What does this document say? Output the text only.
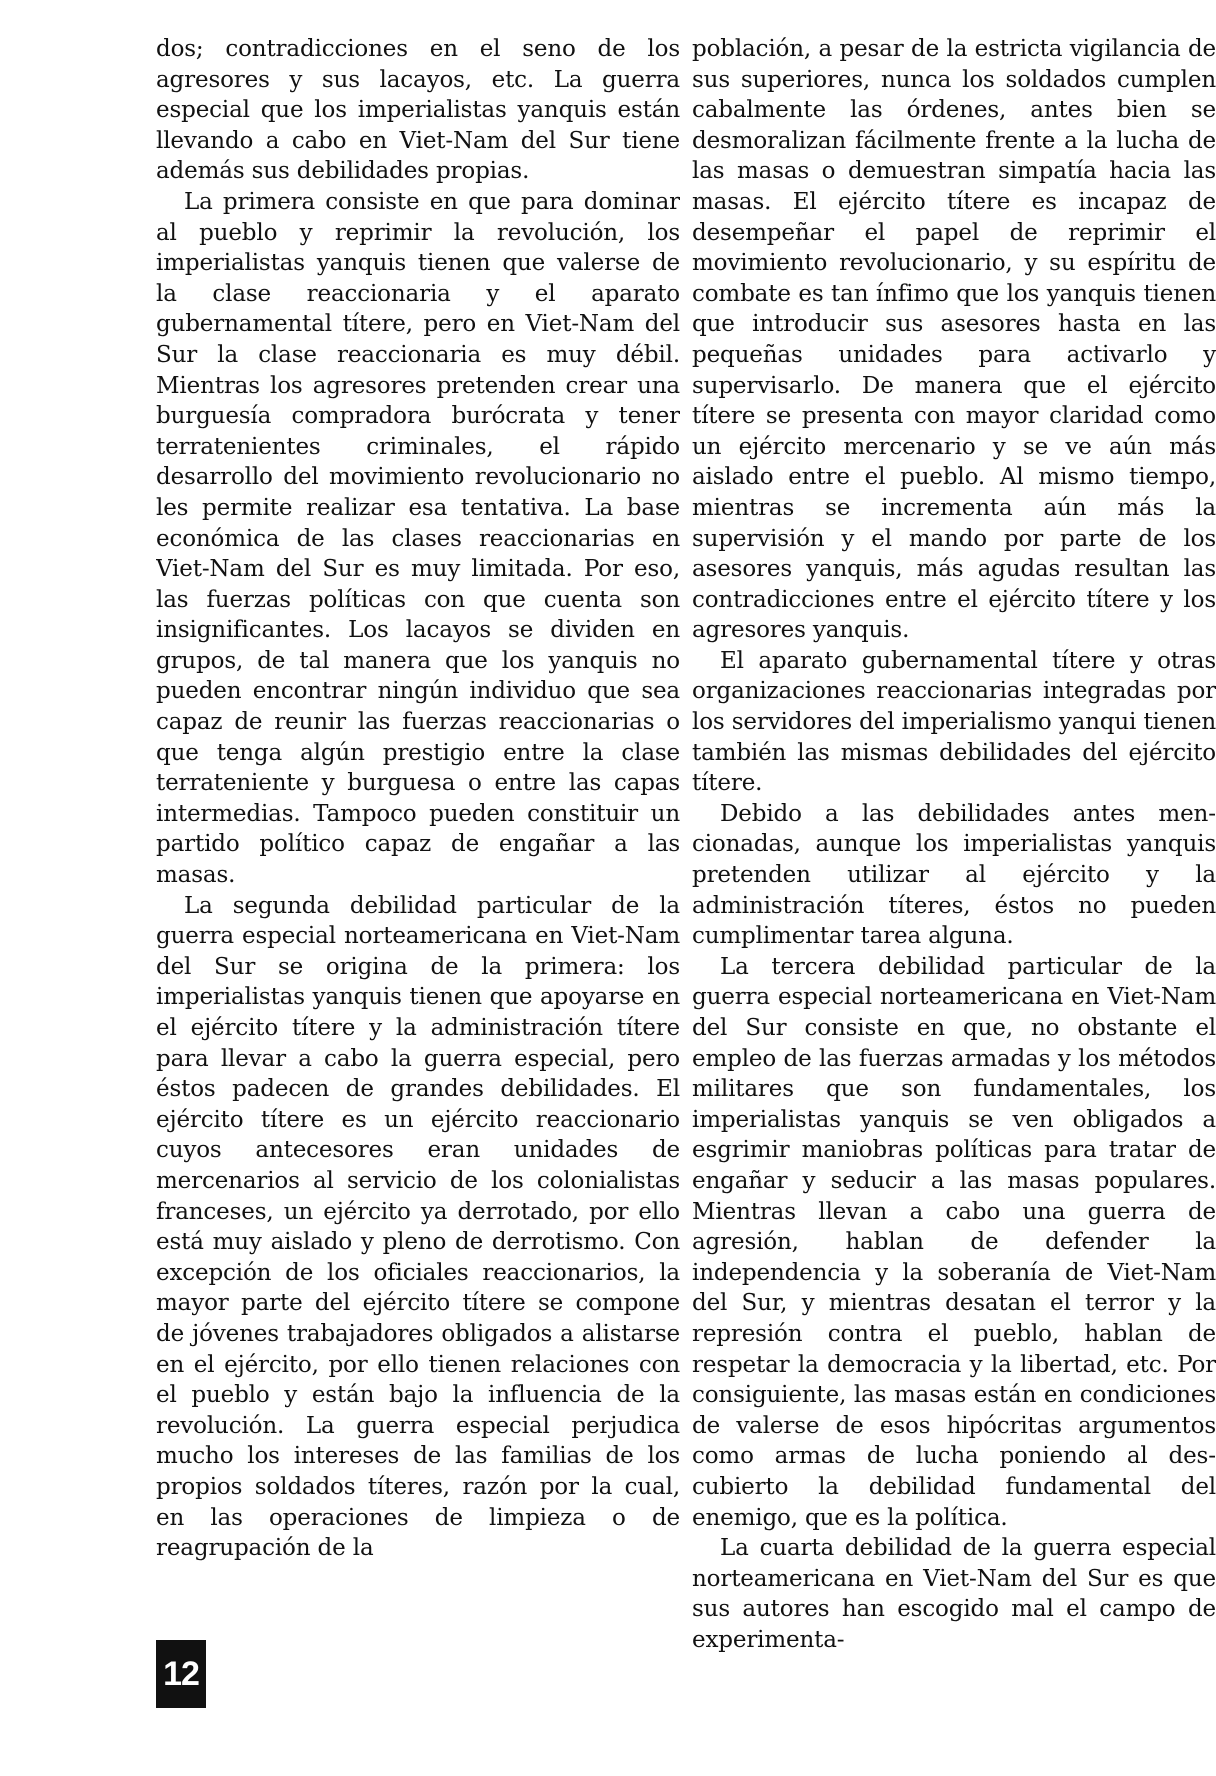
dos; contradicciones en el seno de los agresores y sus lacayos, etc. La guerra especial que los imperialistas yanquis están llevando a cabo en Viet-Nam del Sur tiene además sus debilidades propias.

La primera consiste en que para dominar al pueblo y reprimir la revolución, los imperialistas yanquis tienen que valerse de la clase reaccionaria y el aparato gubernamental títere, pero en Viet-Nam del Sur la clase reaccionaria es muy débil. Mientras los agresores pretenden crear una burguesía compradora burócrata y tener terratenientes criminales, el rápido desarrollo del movimiento revolucionario no les permite realizar esa tentativa. La base económica de las clases reaccionarias en Viet-Nam del Sur es muy limitada. Por eso, las fuerzas políticas con que cuenta son insignificantes. Los lacayos se dividen en grupos, de tal manera que los yanquis no pueden encontrar ningún individuo que sea capaz de reunir las fuerzas reaccionarias o que tenga algún prestigio entre la clase terrateniente y burguesa o entre las capas intermedias. Tampoco pueden constituir un partido político capaz de engañar a las masas.

La segunda debilidad particular de la guerra especial norteamericana en Viet-Nam del Sur se origina de la primera: los imperialistas yanquis tienen que apoyarse en el ejército títere y la administración títere para llevar a cabo la guerra especial, pero éstos padecen de grandes debilidades. El ejército títere es un ejército reaccionario cuyos antecesores eran unidades de mercenarios al servicio de los colonialistas franceses, un ejército ya derrotado, por ello está muy aislado y pleno de derrotismo. Con excepción de los oficiales reaccionarios, la mayor parte del ejército títere se compone de jóvenes trabajadores obligados a alistarse en el ejército, por ello tienen relaciones con el pueblo y están bajo la influencia de la revolución. La guerra especial perjudica mucho los intereses de las familias de los propios soldados títeres, razón por la cual, en las operaciones de limpieza o de reagrupación de la

población, a pesar de la estricta vigilancia de sus superiores, nunca los soldados cumplen cabalmente las órdenes, antes bien se desmoralizan fácilmente frente a la lucha de las masas o demuestran simpatía hacia las masas. El ejército títere es incapaz de desempeñar el papel de reprimir el movimiento revolucionario, y su espíritu de combate es tan ínfimo que los yanquis tienen que introducir sus asesores hasta en las pequeñas unidades para activarlo y supervisarlo. De manera que el ejército títere se presenta con mayor claridad como un ejército mercenario y se ve aún más aislado entre el pueblo. Al mismo tiempo, mientras se incrementa aún más la supervisión y el mando por parte de los asesores yanquis, más agudas resultan las contradicciones entre el ejército títere y los agresores yanquis.

El aparato gubernamental títere y otras organizaciones reaccionarias integradas por los servidores del imperialismo yanqui tienen también las mismas debilidades del ejército títere.

Debido a las debilidades antes mencionadas, aunque los imperialistas yanquis pretenden utilizar al ejército y la administración títeres, éstos no pueden cumplimentar tarea alguna.

La tercera debilidad particular de la guerra especial norteamericana en Viet-Nam del Sur consiste en que, no obstante el empleo de las fuerzas armadas y los métodos militares que son fundamentales, los imperialistas yanquis se ven obligados a esgrimir maniobras políticas para tratar de engañar y seducir a las masas populares. Mientras llevan a cabo una guerra de agresión, hablan de defender la independencia y la soberanía de Viet-Nam del Sur, y mientras desatan el terror y la represión contra el pueblo, hablan de respetar la democracia y la libertad, etc. Por consiguiente, las masas están en condiciones de valerse de esos hipócritas argumentos como armas de lucha poniendo al descubierto la debilidad fundamental del enemigo, que es la política.

La cuarta debilidad de la guerra especial norteamericana en Viet-Nam del Sur es que sus autores han escogido mal el campo de experimenta-

12
